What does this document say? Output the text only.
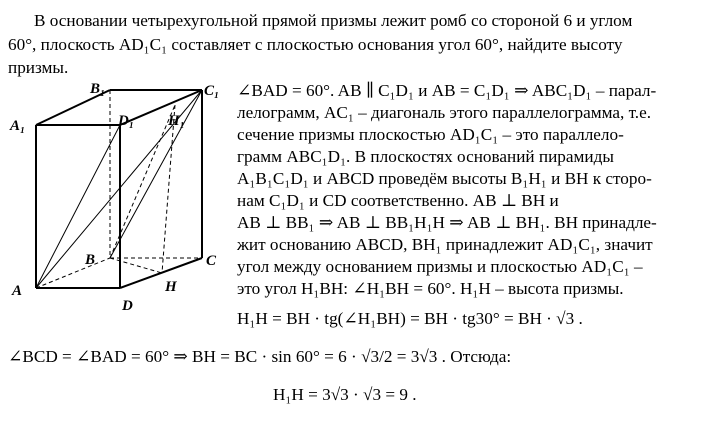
В основании четырехугольной прямой призмы лежит ромб со стороной 6 и углом
60°, плоскость AD₁C₁ составляет с плоскостью основания угол 60°, найдите высоту
призмы.
A
B	C
D
A₁
B₁	C₁
D₁
H
H₁
∠BAD = 60°. AB ∥ C₁D₁ и AB = C₁D₁ ⇒ ABC₁D₁ – парал-
лелограмм, AC₁ – диагональ этого параллелограмма, т.е.
сечение призмы плоскостью AD₁C₁ – это параллело-
грамм ABC₁D₁. В плоскостях оснований пирамиды
A₁B₁C₁D₁ и ABCD проведём высоты B₁H₁ и BH к сторо-
нам C₁D₁ и CD соответственно. AB ⊥ BH и
AB ⊥ BB₁ ⇒ AB ⊥ BB₁H₁H ⇒ AB ⊥ BH₁. BH принадле-
жит основанию ABCD, BH₁ принадлежит AD₁C₁, значит
угол между основанием призмы и плоскостью AD₁C₁ –
это угол H₁BH: ∠H₁BH = 60°. H₁H – высота призмы.
H₁H = BH · tg(∠H₁BH) = BH · tg30° = BH · √3 .
∠BCD = ∠BAD = 60° ⇒ BH = BC · sin 60° = 6 · √3/2 = 3√3 . Отсюда:
H₁H = 3√3 · √3 = 9 .
